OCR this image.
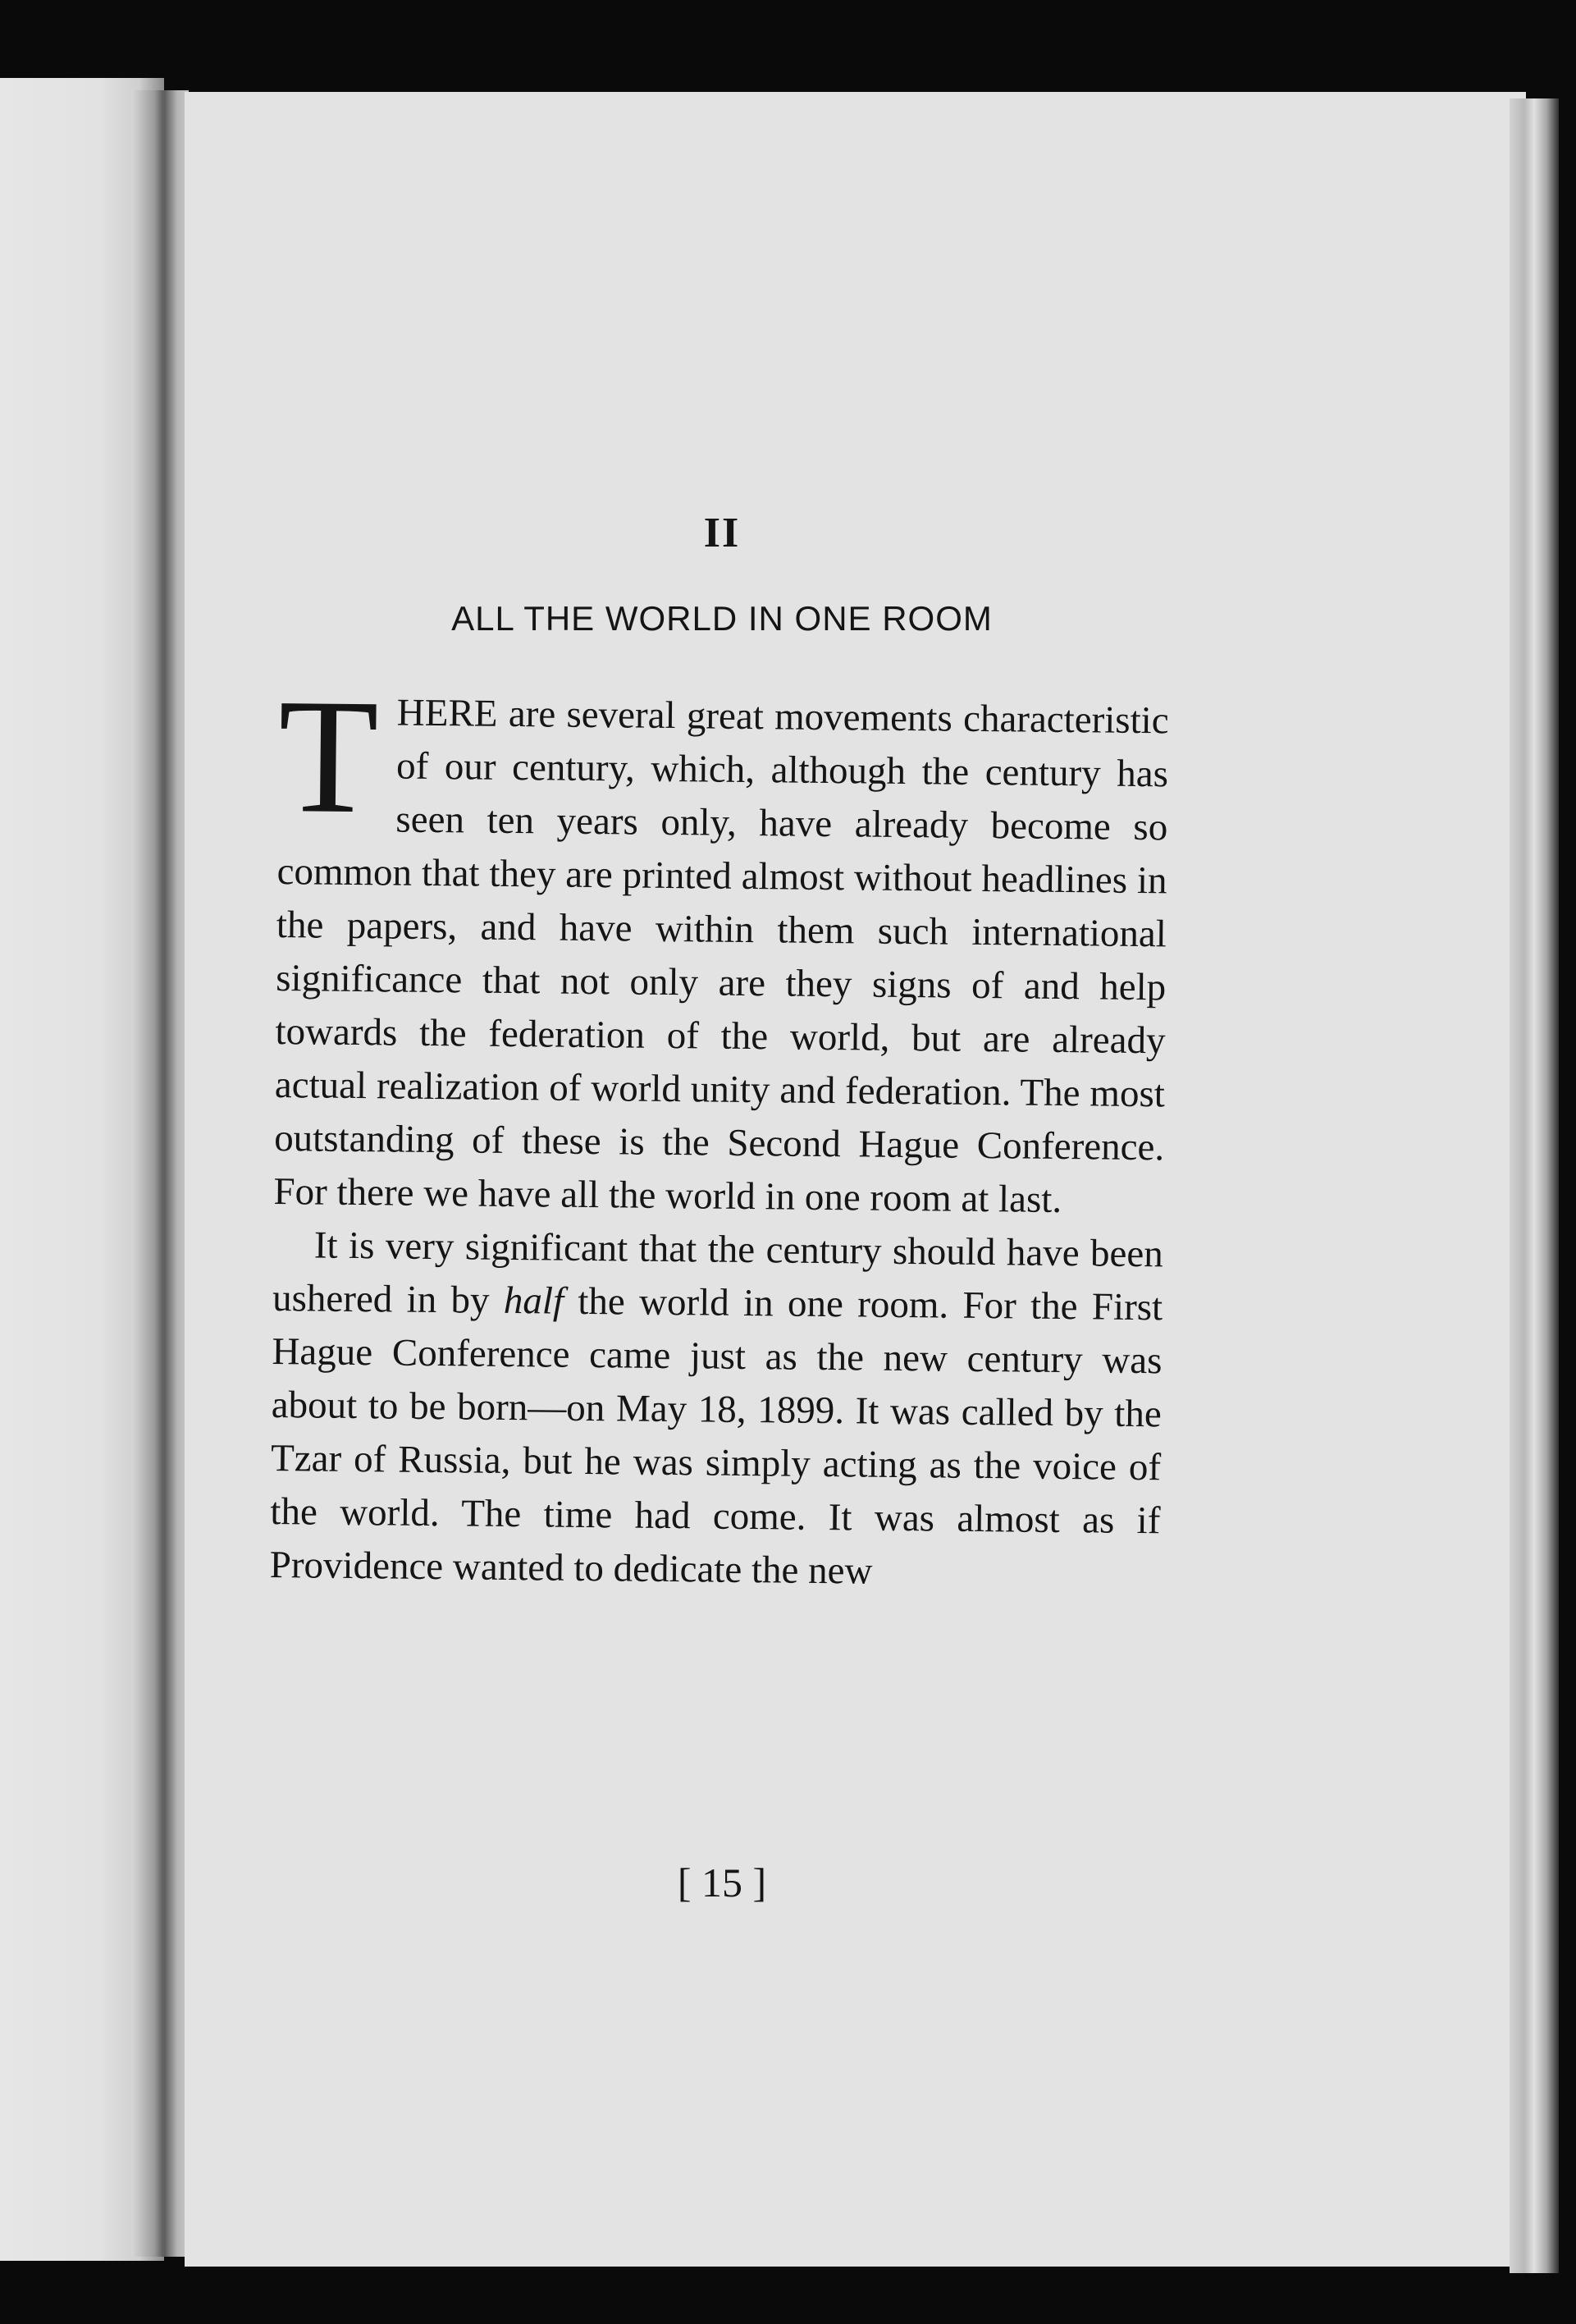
II
ALL THE WORLD IN ONE ROOM

THERE are several great movements characteristic of our century, which, although the century has seen ten years only, have already become so common that they are printed almost without headlines in the papers, and have within them such international significance that not only are they signs of and help towards the federation of the world, but are already actual realization of world unity and federation. The most outstanding of these is the Second Hague Conference. For there we have all the world in one room at last.

It is very significant that the century should have been ushered in by half the world in one room. For the First Hague Conference came just as the new century was about to be born—on May 18, 1899. It was called by the Tzar of Russia, but he was simply acting as the voice of the world. The time had come. It was almost as if Providence wanted to dedicate the new

[ 15 ]
